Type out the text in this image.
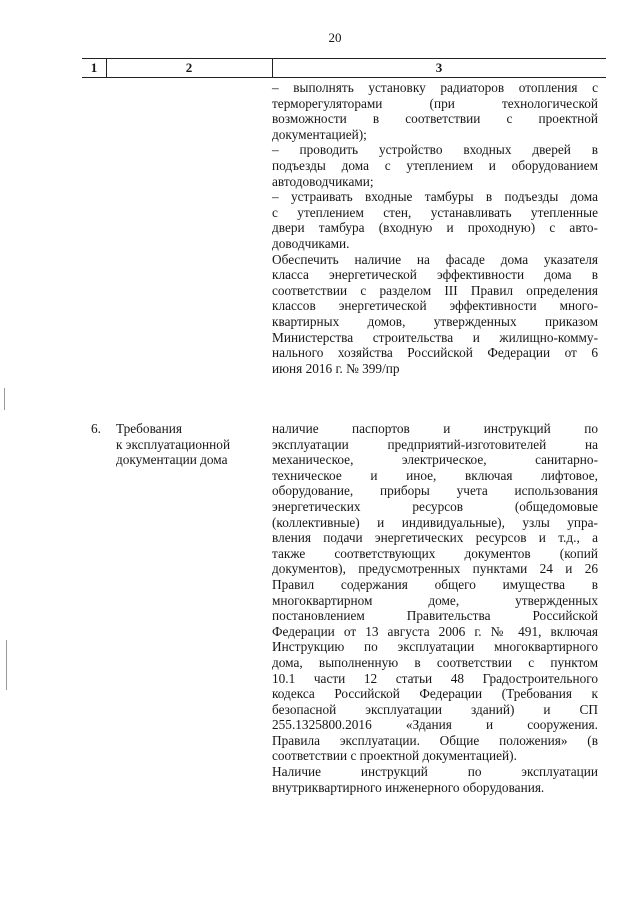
20
1	2	3
– выполнять установку радиаторов отопления с
терморегуляторами (при технологической
возможности в соответствии с проектной
документацией);
– проводить устройство входных дверей в
подъезды дома с утеплением и оборудованием
автодоводчиками;
– устраивать входные тамбуры в подъезды дома
с утеплением стен, устанавливать утепленные
двери тамбура (входную и проходную) с авто-
доводчиками.
Обеспечить наличие на фасаде дома указателя
класса энергетической эффективности дома в
соответствии с разделом III Правил определения
классов энергетической эффективности много-
квартирных домов, утвержденных приказом
Министерства строительства и жилищно-комму-
нального хозяйства Российской Федерации от 6
июня 2016 г. № 399/пр
6. Требования
к эксплуатационной
документации дома
наличие паспортов и инструкций по
эксплуатации предприятий-изготовителей на
механическое, электрическое, санитарно-
техническое и иное, включая лифтовое,
оборудование, приборы учета использования
энергетических ресурсов (общедомовые
(коллективные) и индивидуальные), узлы упра-
вления подачи энергетических ресурсов и т.д., а
также соответствующих документов (копий
документов), предусмотренных пунктами 24 и 26
Правил содержания общего имущества в
многоквартирном доме, утвержденных
постановлением Правительства Российской
Федерации от 13 августа 2006 г. № 491, включая
Инструкцию по эксплуатации многоквартирного
дома, выполненную в соответствии с пунктом
10.1 части 12 статьи 48 Градостроительного
кодекса Российской Федерации (Требования к
безопасной эксплуатации зданий) и СП
255.1325800.2016 «Здания и сооружения.
Правила эксплуатации. Общие положения» (в
соответствии с проектной документацией).
Наличие инструкций по эксплуатации
внутриквартирного инженерного оборудования.
